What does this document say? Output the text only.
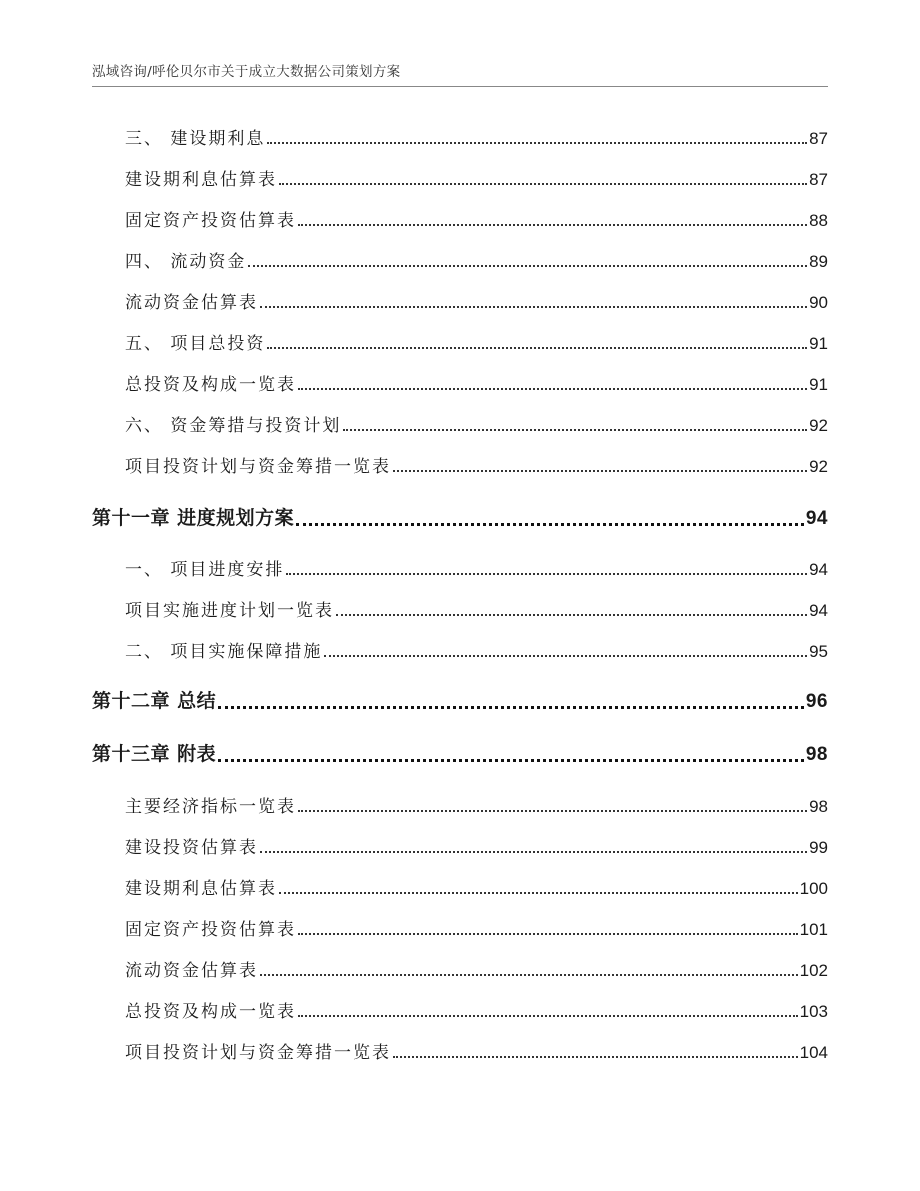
泓域咨询/呼伦贝尔市关于成立大数据公司策划方案
三、 建设期利息	87
建设期利息估算表	87
固定资产投资估算表	88
四、 流动资金	89
流动资金估算表	90
五、 项目总投资	91
总投资及构成一览表	91
六、 资金筹措与投资计划	92
项目投资计划与资金筹措一览表	92
第十一章 进度规划方案	94
一、 项目进度安排	94
项目实施进度计划一览表	94
二、 项目实施保障措施	95
第十二章 总结	96
第十三章 附表	98
主要经济指标一览表	98
建设投资估算表	99
建设期利息估算表	100
固定资产投资估算表	101
流动资金估算表	102
总投资及构成一览表	103
项目投资计划与资金筹措一览表	104
